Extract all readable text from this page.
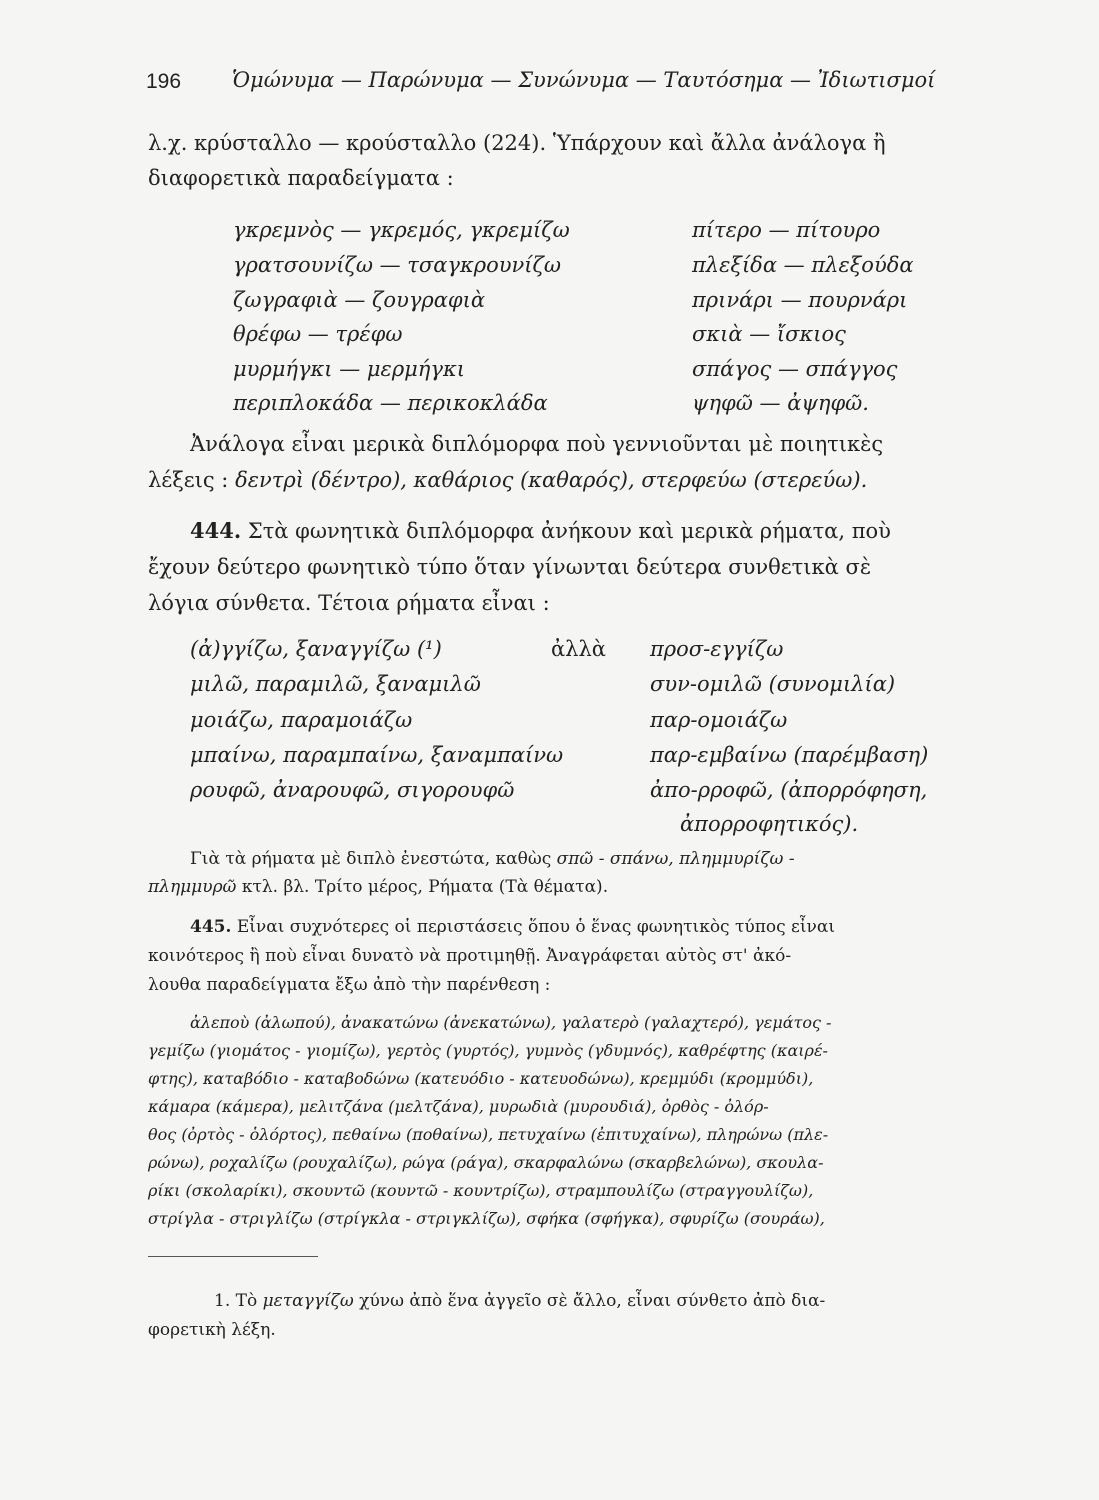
196 Ὁμώνυμα — Παρώνυμα — Συνώνυμα — Ταυτόσημα — Ἰδιωτισμοί
λ.χ. κρύσταλλο — κρούσταλλο (224). Ὑπάρχουν καὶ ἄλλα ἀνάλογα ἢ
διαφορετικὰ παραδείγματα :
γκρεμνὸς — γκρεμός, γκρεμίζω
γρατσουνίζω — τσαγκρουνίζω
ζωγραφιὰ — ζουγραφιὰ
θρέφω — τρέφω
μυρμήγκι — μερμήγκι
περιπλοκάδα — περικοκλάδα
πίτερο — πίτουρο
πλεξίδα — πλεξούδα
πρινάρι — πουρνάρι
σκιὰ — ἴσκιος
σπάγος — σπάγγος
ψηφῶ — ἀψηφῶ.
Ἀνάλογα εἶναι μερικὰ διπλόμορφα ποὺ γεννιοῦνται μὲ ποιητικὲς
λέξεις : δεντρὶ (δέντρο), καθάριος (καθαρός), στερφεύω (στερεύω).
444. Στὰ φωνητικὰ διπλόμορφα ἀνήκουν καὶ μερικὰ ρήματα, ποὺ
ἔχουν δεύτερο φωνητικὸ τύπο ὅταν γίνωνται δεύτερα συνθετικὰ σὲ
λόγια σύνθετα. Τέτοια ρήματα εἶναι :
(ἀ)γγίζω, ξαναγγίζω (¹)
μιλῶ, παραμιλῶ, ξαναμιλῶ
μοιάζω, παραμοιάζω
μπαίνω, παραμπαίνω, ξαναμπαίνω
ρουφῶ, ἀναρουφῶ, σιγορουφῶ
ἀλλὰ προσ-εγγίζω
συν-ομιλῶ (συνομιλία)
παρ-ομοιάζω
παρ-εμβαίνω (παρέμβαση)
ἀπο-ρροφῶ, (ἀπορρόφηση,
ἀπορροφητικός).
Γιὰ τὰ ρήματα μὲ διπλὸ ἐνεστώτα, καθὼς σπῶ - σπάνω, πλημμυρίζω -
πλημμυρῶ κτλ. βλ. Τρίτο μέρος, Ρήματα (Τὰ θέματα).
445. Εἶναι συχνότερες οἱ περιστάσεις ὅπου ὁ ἕνας φωνητικὸς τύπος εἶναι
κοινότερος ἢ ποὺ εἶναι δυνατὸ νὰ προτιμηθῇ. Ἀναγράφεται αὐτὸς στ' ἀκό-
λουθα παραδείγματα ἔξω ἀπὸ τὴν παρένθεση :
ἀλεποὺ (ἀλωπού), ἀνακατώνω (ἀνεκατώνω), γαλατερὸ (γαλαχτερό), γεμάτος -
γεμίζω (γιομάτος - γιομίζω), γερτὸς (γυρτός), γυμνὸς (γδυμνός), καθρέφτης (καιρέ-
φτης), καταβόδιο - καταβοδώνω (κατευόδιο - κατευοδώνω), κρεμμύδι (κρομμύδι),
κάμαρα (κάμερα), μελιτζάνα (μελτζάνα), μυρωδιὰ (μυρουδιά), ὀρθὸς - ὀλόρ-
θος (ὀρτὸς - ὁλόρτος), πεθαίνω (ποθαίνω), πετυχαίνω (ἐπιτυχαίνω), πληρώνω (πλε-
ρώνω), ροχαλίζω (ρουχαλίζω), ρώγα (ράγα), σκαρφαλώνω (σκαρβελώνω), σκουλα-
ρίκι (σκολαρίκι), σκουντῶ (κουντῶ - κουντρίζω), στραμπουλίζω (στραγγουλίζω),
στρίγλα - στριγλίζω (στρίγκλα - στριγκλίζω), σφήκα (σφήγκα), σφυρίζω (σουράω),
1. Τὸ μεταγγίζω χύνω ἀπὸ ἕνα ἀγγεῖο σὲ ἄλλο, εἶναι σύνθετο ἀπὸ δια-
φορετικὴ λέξη.
